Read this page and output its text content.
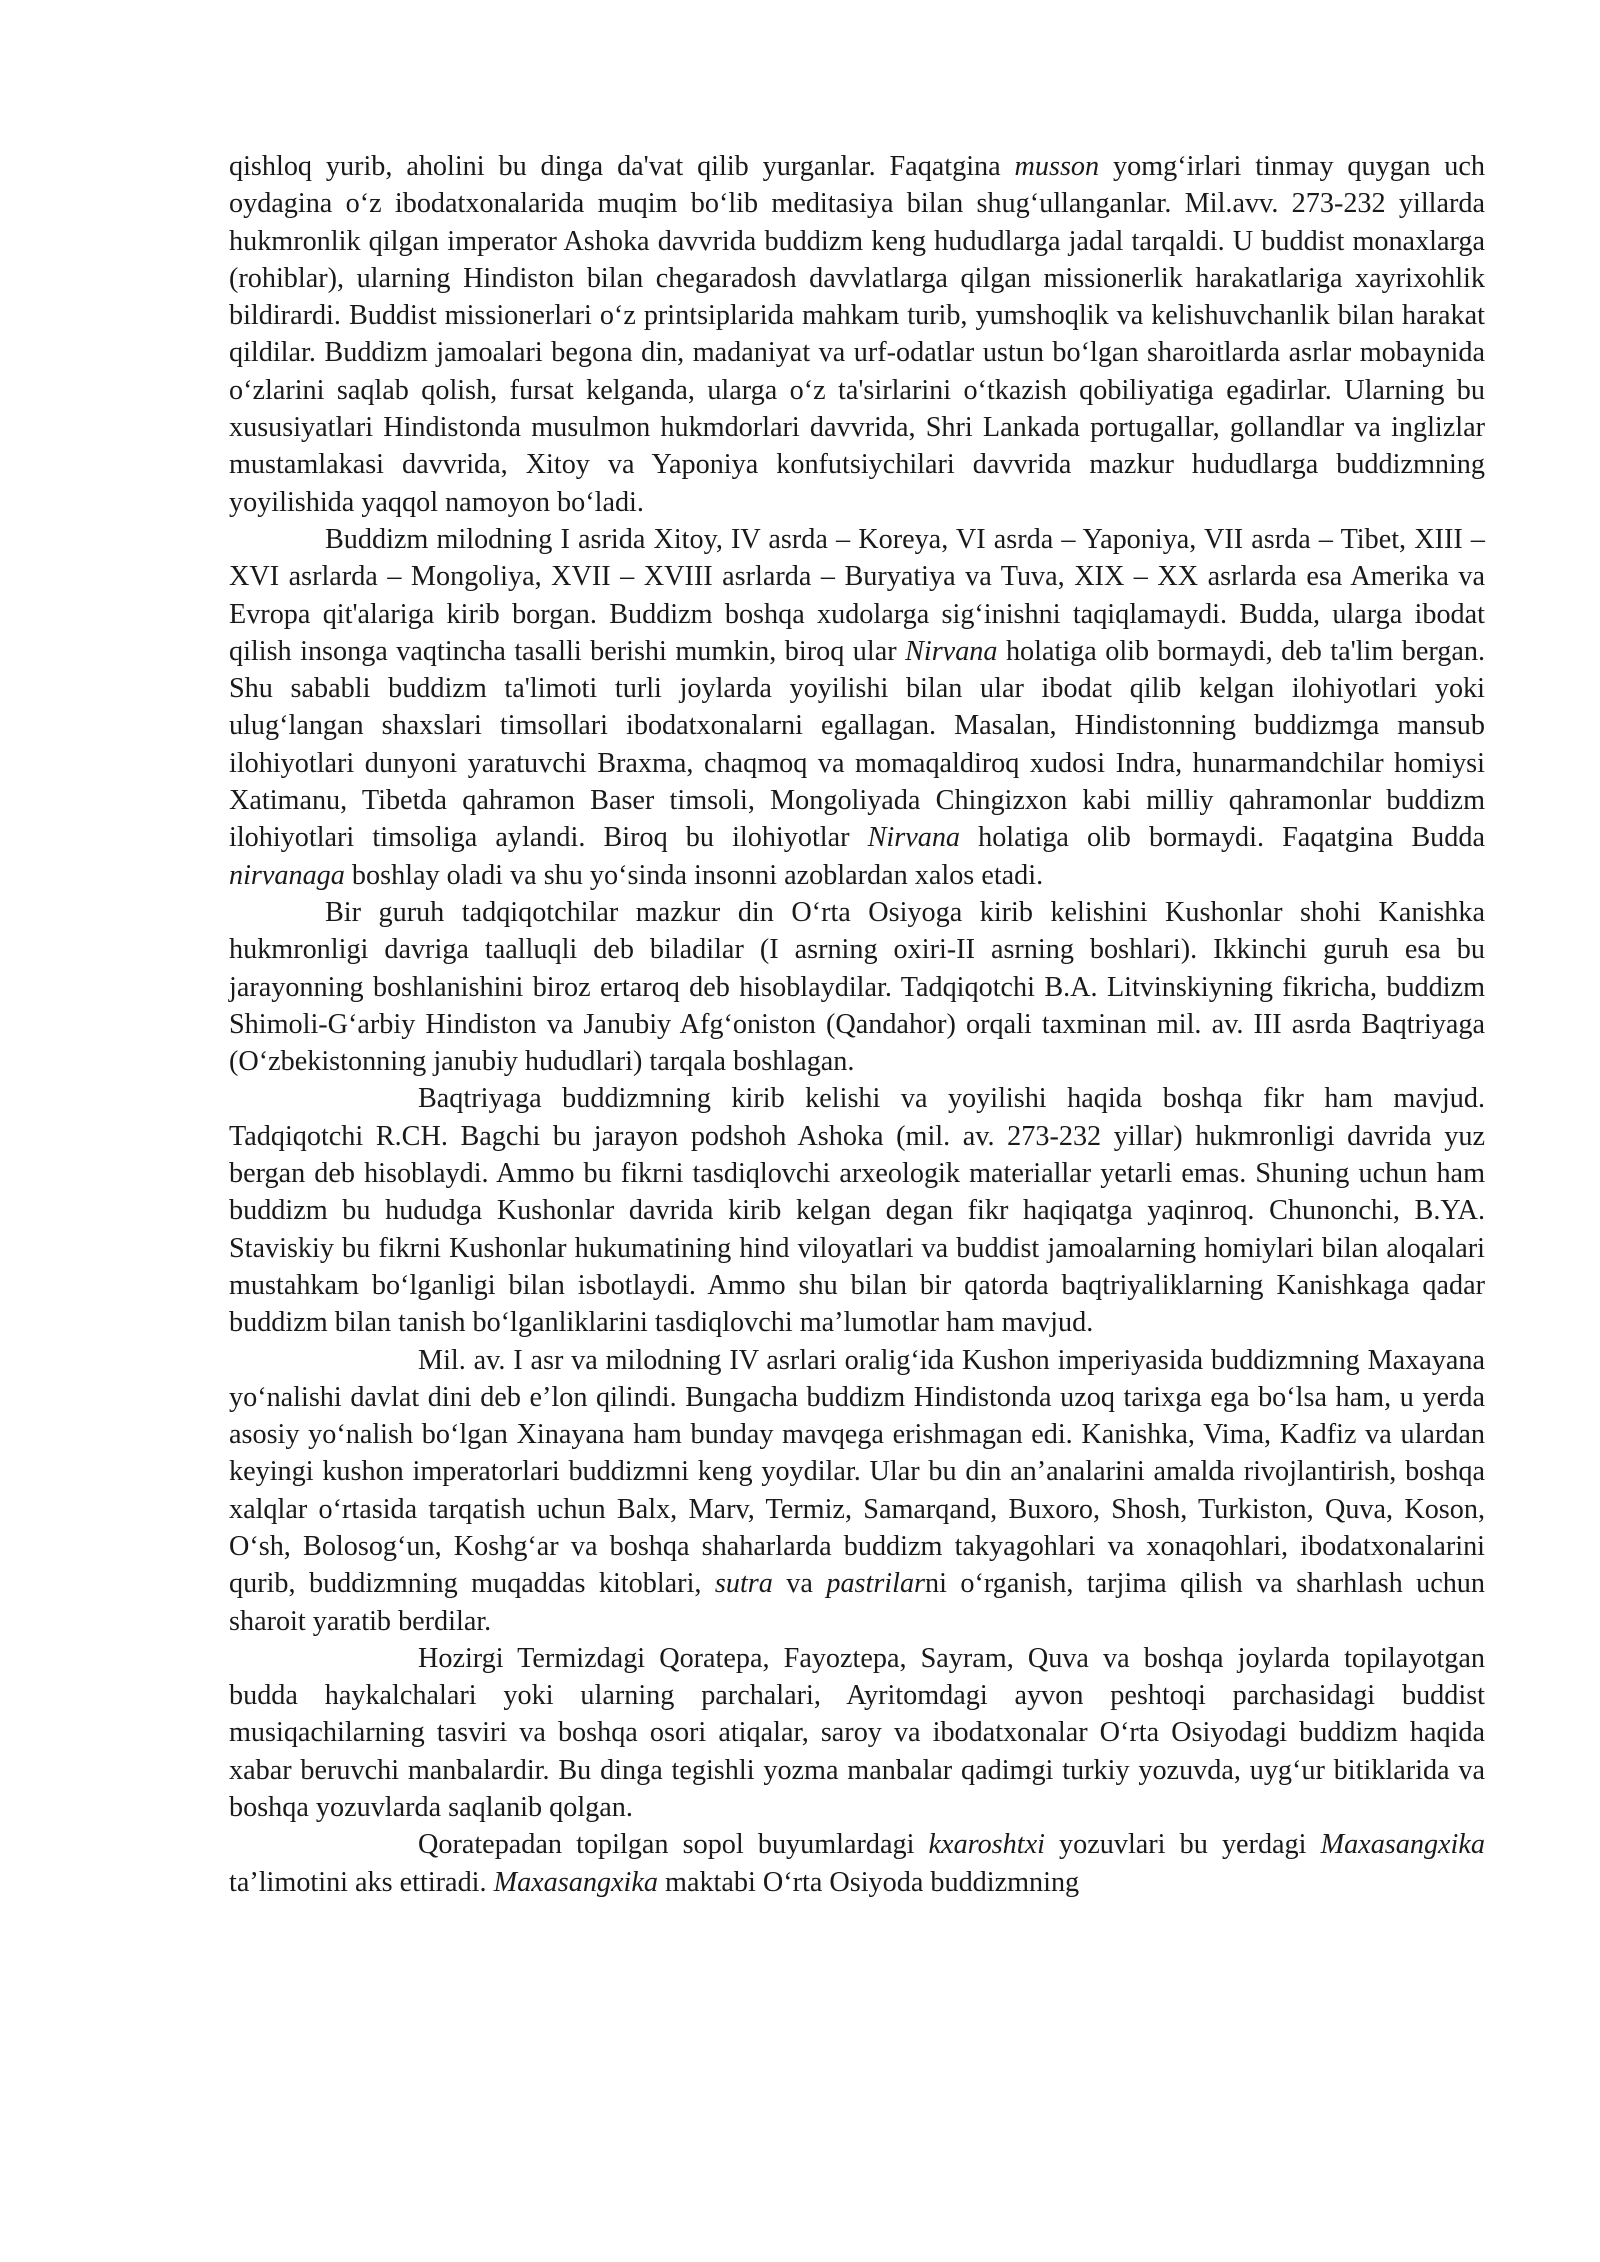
qishloq yurib, aholini bu dinga da'vat qilib yurganlar. Faqatgina musson yomg‘irlari tinmay quygan uch oydagina o‘z ibodatxonalarida muqim bo‘lib meditasiya bilan shug‘ullanganlar. Mil.avv. 273-232 yillarda hukmronlik qilgan imperator Ashoka davvrida buddizm keng hududlarga jadal tarqaldi. U buddist monaxlarga (rohiblar), ularning Hindiston bilan chegaradosh davvlatlarga qilgan missionerlik harakatlariga xayrixohlik bildirardi. Buddist missionerlari o‘z printsiplarida mahkam turib, yumshoqlik va kelishuvchanlik bilan harakat qildilar. Buddizm jamoalari begona din, madaniyat va urf-odatlar ustun bo‘lgan sharoitlarda asrlar mobaynida o‘zlarini saqlab qolish, fursat kelganda, ularga o‘z ta'sirlarini o‘tkazish qobiliyatiga egadirlar. Ularning bu xususiyatlari Hindistonda musulmon hukmdorlari davvrida, Shri Lankada portugallar, gollandlar va inglizlar mustamlakasi davvrida, Xitoy va Yaponiya konfutsiychilari davvrida mazkur hududlarga buddizmning yoyilishida yaqqol namoyon bo‘ladi.

Buddizm milodning I asrida Xitoy, IV asrda – Koreya, VI asrda – Yaponiya, VII asrda – Tibet, XIII – XVI asrlarda – Mongoliya, XVII – XVIII asrlarda – Buryatiya va Tuva, XIX – XX asrlarda esa Amerika va Evropa qit'alariga kirib borgan. Buddizm boshqa xudolarga sig‘inishni taqiqlamaydi. Budda, ularga ibodat qilish insonga vaqtincha tasalli berishi mumkin, biroq ular Nirvana holatiga olib bormaydi, deb ta'lim bergan. Shu sababli buddizm ta'limoti turli joylarda yoyilishi bilan ular ibodat qilib kelgan ilohiyotlari yoki ulug‘langan shaxslari timsollari ibodatxonalarni egallagan. Masalan, Hindistonning buddizmga mansub ilohiyotlari dunyoni yaratuvchi Braxma, chaqmoq va momaqaldiroq xudosi Indra, hunarmandchilar homiysi Xatimanu, Tibetda qahramon Baser timsoli, Mongoliyada Chingizxon kabi milliy qahramonlar buddizm ilohiyotlari timsoliga aylandi. Biroq bu ilohiyotlar Nirvana holatiga olib bormaydi. Faqatgina Budda nirvanaga boshlay oladi va shu yo‘sinda insonni azoblardan xalos etadi.

Bir guruh tadqiqotchilar mazkur din O‘rta Osiyoga kirib kelishini Kushonlar shohi Kanishka hukmronligi davriga taalluqli deb biladilar (I asrning oxiri-II asrning boshlari). Ikkinchi guruh esa bu jarayonning boshlanishini biroz ertaroq deb hisoblaydilar. Tadqiqotchi B.A. Litvinskiyning fikricha, buddizm Shimoli-G‘arbiy Hindiston va Janubiy Afg‘oniston (Qandahor) orqali taxminan mil. av. III asrda Baqtriyaga (O‘zbekistonning janubiy hududlari) tarqala boshlagan.

Baqtriyaga buddizmning kirib kelishi va yoyilishi haqida boshqa fikr ham mavjud. Tadqiqotchi R.CH. Bagchi bu jarayon podshoh Ashoka (mil. av. 273-232 yillar) hukmronligi davrida yuz bergan deb hisoblaydi. Ammo bu fikrni tasdiqlovchi arxeologik materiallar yetarli emas. Shuning uchun ham buddizm bu hududga Kushonlar davrida kirib kelgan degan fikr haqiqatga yaqinroq. Chunonchi, B.YA. Staviskiy bu fikrni Kushonlar hukumatining hind viloyatlari va buddist jamoalarning homiylari bilan aloqalari mustahkam bo‘lganligi bilan isbotlaydi. Ammo shu bilan bir qatorda baqtriyaliklarning Kanishkaga qadar buddizm bilan tanish bo‘lganliklarini tasdiqlovchi ma’lumotlar ham mavjud.

Mil. av. I asr va milodning IV asrlari oralig‘ida Kushon imperiyasida buddizmning Maxayana yo‘nalishi davlat dini deb e’lon qilindi. Bungacha buddizm Hindistonda uzoq tarixga ega bo‘lsa ham, u yerda asosiy yo‘nalish bo‘lgan Xinayana ham bunday mavqega erishmagan edi. Kanishka, Vima, Kadfiz va ulardan keyingi kushon imperatorlari buddizmni keng yoydilar. Ular bu din an’analarini amalda rivojlantirish, boshqa xalqlar o‘rtasida tarqatish uchun Balx, Marv, Termiz, Samarqand, Buxoro, Shosh, Turkiston, Quva, Koson, O‘sh, Bolosog‘un, Koshg‘ar va boshqa shaharlarda buddizm takyagohlari va xonaqohlari, ibodatxonalarini qurib, buddizmning muqaddas kitoblari, sutra va pastrilarni o‘rganish, tarjima qilish va sharhlash uchun sharoit yaratib berdilar.

Hozirgi Termizdagi Qoratepa, Fayoztepa, Sayram, Quva va boshqa joylarda topilayotgan budda haykalchalari yoki ularning parchalari, Ayritomdagi ayvon peshtoqi parchasidagi buddist musiqachilarning tasviri va boshqa osori atiqalar, saroy va ibodatxonalar O‘rta Osiyodagi buddizm haqida xabar beruvchi manbalardir. Bu dinga tegishli yozma manbalar qadimgi turkiy yozuvda, uyg‘ur bitiklarida va boshqa yozuvlarda saqlanib qolgan.

Qoratepadan topilgan sopol buyumlardagi kxaroshtxi yozuvlari bu yerdagi Maxasangxika ta’limotini aks ettiradi. Maxasangxika maktabi O‘rta Osiyoda buddizmning
